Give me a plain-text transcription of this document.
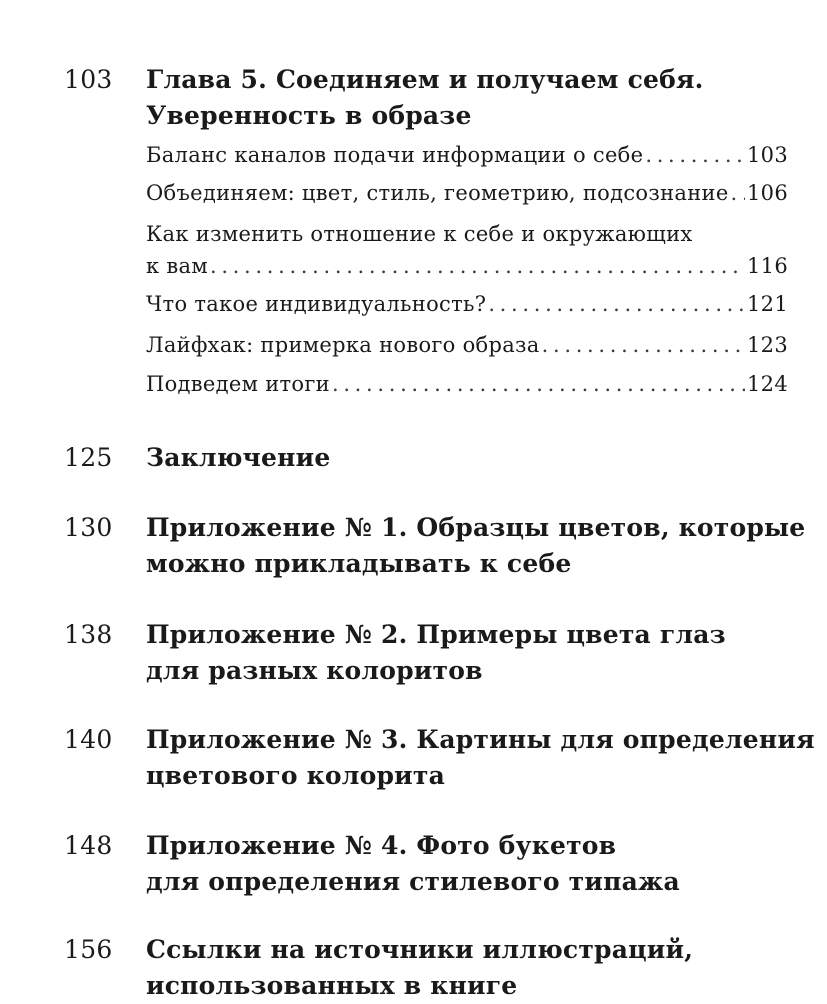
103 Глава 5. Соединяем и получаем себя.
Уверенность в образе
Баланс каналов подачи информации о себе . . .	103
Объединяем: цвет, стиль, геометрию, подсознание . . . 106
Как изменить отношение к себе и окружающих
к вам . . .	116
Что такое индивидуальность? . . .	121
Лайфхак: примерка нового образа . . .	123
Подведем итоги . . .	124
125 Заключение
130 Приложение № 1. Образцы цветов, которые
можно прикладывать к себе
138 Приложение № 2. Примеры цвета глаз
для разных колоритов
140 Приложение № 3. Картины для определения
цветового колорита
148 Приложение № 4. Фото букетов
для определения стилевого типажа
156 Ссылки на источники иллюстраций,
использованных в книге
